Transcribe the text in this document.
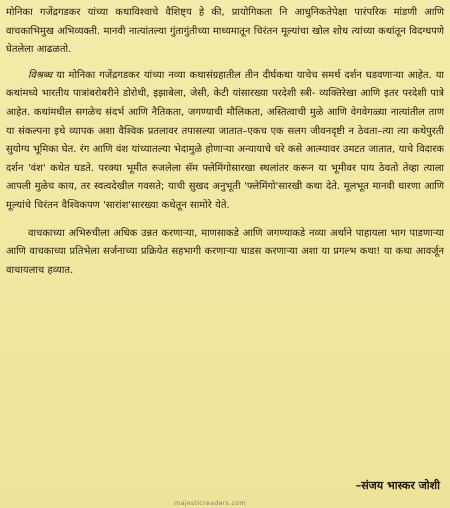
मोनिका गजेंद्रगडकर यांच्या कथाविश्वाचे वैशिष्ट्य हे की, प्रायोगिकता नि आधुनिकतेपेक्षा पारंपरिक मांडणी आणि वाचकाभिमुख अभिव्यक्ती. मानवी नात्यांतल्या गुंतागुंतीच्या माध्यमातून चिरंतन मूल्यांचा खोल शोध त्यांच्या कथांतून विदग्धपणे घेतलेला आढळतो.

विश्रब्ध या मोनिका गजेंद्रगडकर यांच्या नव्या कथासंग्रहातील तीन दीर्घकथा याचेच समर्थ दर्शन घडवणाऱ्या आहेत. या कथांमध्ये भारतीय पात्रांबरोबरीने डोरोथी, इझाबेला, जेसी, केटी यांसारख्या परदेशी स्त्री- व्यक्तिरेखा आणि इतर परदेशी पात्रे आहेत. कथांमधील सगळेच संदर्भ आणि नैतिकता, जगण्याची मौलिकता, अस्तित्वाची मुळे आणि वेगवेगळ्या नात्यांतील ताण या संकल्पना इथे व्यापक अशा वैश्विक प्रतलावर तपासल्या जातात–एकच एक सलग जीवनदृष्टी न ठेवता–त्या त्या कथेपुरती सुयोग्य भूमिका घेत. रंग आणि वंश यांच्यातल्या भेदामुळे होणाऱ्या अन्यायाचे चरे कसे आत्म्यावर उमटत जातात, याचे विदारक दर्शन 'वंश' कथेत घडते. परक्या भूमीत रुजलेला सॅम फ्लेमिंगोसारखा स्थलांतर करून या भूमीवर पाय ठेवतो तेव्हा त्याला आपली मुळेच काय, तर स्वत्वदेखील गवसते; याची सुखद अनुभूती 'फ्लेमिंगो'सारखी कथा देते. मूलभूत मानवी धारणा आणि मूल्यांचे चिरंतन वैश्विकपण 'सारांश'सारख्या कथेतून सामोरे येते.

वाचकाच्या अभिरुचीला अधिक उन्नत करणाऱ्या, माणसाकडे आणि जगण्याकडे नव्या अर्थाने पाहायला भाग पाडणाऱ्या आणि वाचकाच्या प्रतिभेला सर्जनाच्या प्रक्रियेत सहभागी करणाऱ्या धाडस करणाऱ्या अशा या प्रगल्भ कथा! या कथा आवर्जून वाचायलाच हव्यात.

–संजय भास्कर जोशी
majesticreaders.com
